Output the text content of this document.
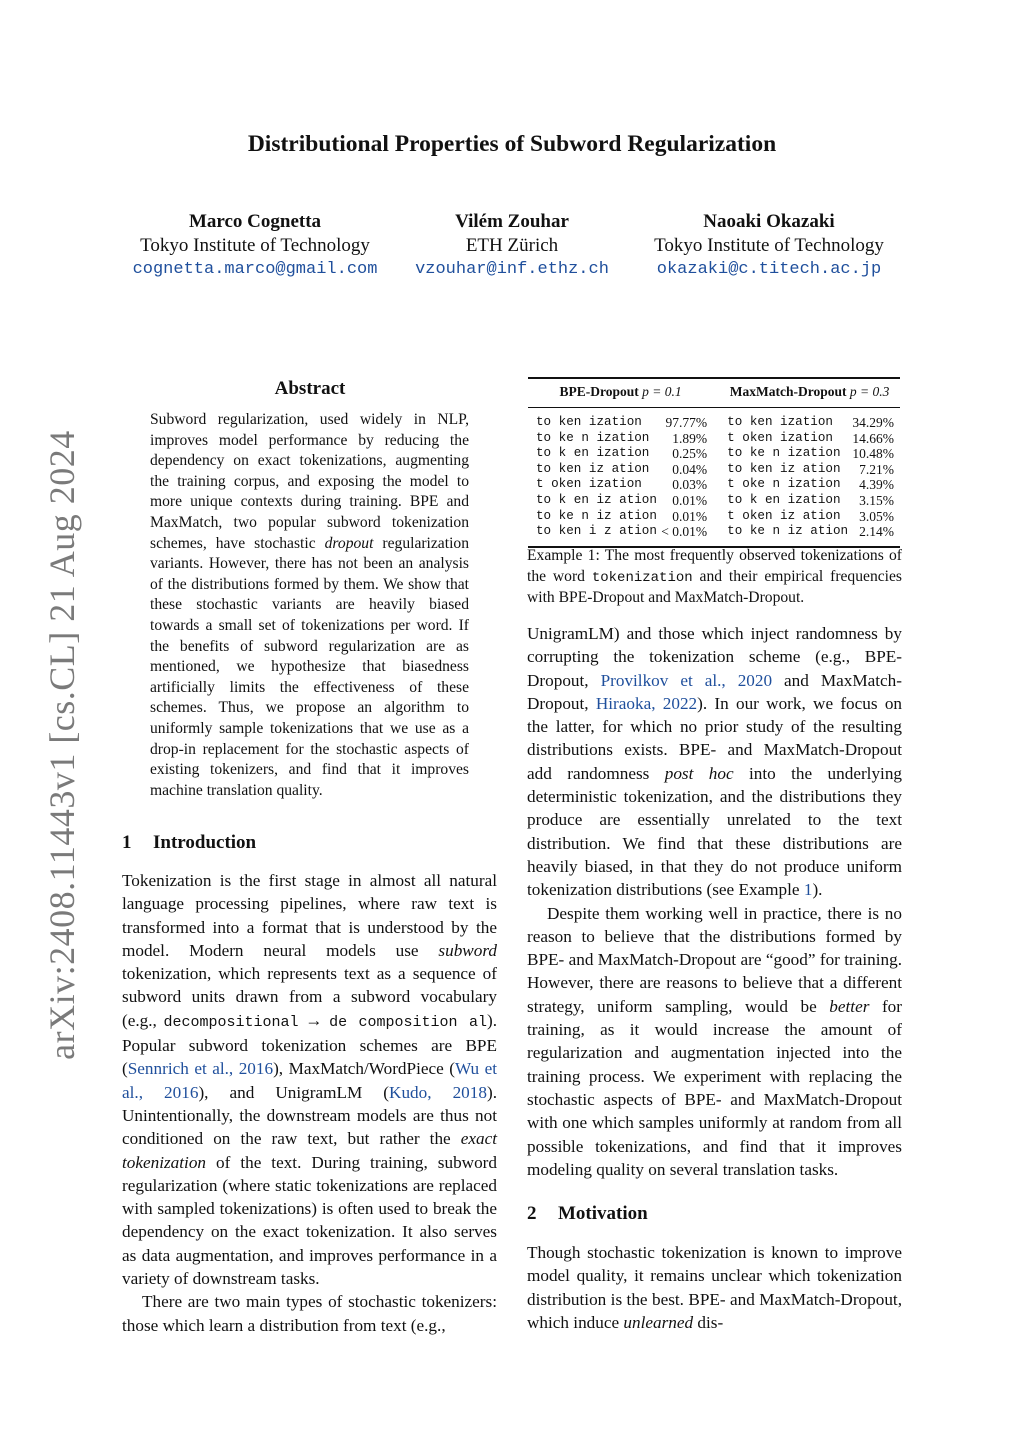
arXiv:2408.11443v1 [cs.CL] 21 Aug 2024
Distributional Properties of Subword Regularization
Marco Cognetta
Tokyo Institute of Technology
cognetta.marco@gmail.com
Vilém Zouhar
ETH Zürich
vzouhar@inf.ethz.ch
Naoaki Okazaki
Tokyo Institute of Technology
okazaki@c.titech.ac.jp
Abstract

Subword regularization, used widely in NLP, improves model performance by reducing the dependency on exact tokenizations, augmenting the training corpus, and exposing the model to more unique contexts during training. BPE and MaxMatch, two popular subword tokenization schemes, have stochastic dropout regularization variants. However, there has not been an analysis of the distributions formed by them. We show that these stochastic variants are heavily biased towards a small set of tokenizations per word. If the benefits of subword regularization are as mentioned, we hypothesize that biasedness artificially limits the effectiveness of these schemes. Thus, we propose an algorithm to uniformly sample tokenizations that we use as a drop-in replacement for the stochastic aspects of existing tokenizers, and find that it improves machine translation quality.

1 Introduction

Tokenization is the first stage in almost all natural language processing pipelines, where raw text is transformed into a format that is understood by the model. Modern neural models use subword tokenization, which represents text as a sequence of subword units drawn from a subword vocabulary (e.g., decompositional → de composition al). Popular subword tokenization schemes are BPE (Sennrich et al., 2016), MaxMatch/WordPiece (Wu et al., 2016), and UnigramLM (Kudo, 2018). Unintentionally, the downstream models are thus not conditioned on the raw text, but rather the exact tokenization of the text. During training, subword regularization (where static tokenizations are replaced with sampled tokenizations) is often used to break the dependency on the exact tokenization. It also serves as data augmentation, and improves performance in a variety of downstream tasks.

There are two main types of stochastic tokenizers: those which learn a distribution from text (e.g.,

BPE-Dropout p = 0.1			MaxMatch-Dropout p = 0.3	
to ken ization	97.77%		to ken ization	34.29%
to ke n ization	1.89%		t oken ization	14.66%
to k en ization	0.25%		to ke n ization	10.48%
to ken iz ation	0.04%		to ken iz ation	7.21%
t oken ization	0.03%		t oke n ization	4.39%
to k en iz ation	0.01%		to k en ization	3.15%
to ke n iz ation	0.01%		t oken iz ation	3.05%
to ken i z ation	< 0.01%		to ke n iz ation	2.14%

Example 1: The most frequently observed tokenizations of the word tokenization and their empirical frequencies with BPE-Dropout and MaxMatch-Dropout.

UnigramLM) and those which inject randomness by corrupting the tokenization scheme (e.g., BPE-Dropout, Provilkov et al., 2020 and MaxMatch-Dropout, Hiraoka, 2022). In our work, we focus on the latter, for which no prior study of the resulting distributions exists. BPE- and MaxMatch-Dropout add randomness post hoc into the underlying deterministic tokenization, and the distributions they produce are essentially unrelated to the text distribution. We find that these distributions are heavily biased, in that they do not produce uniform tokenization distributions (see Example 1).

Despite them working well in practice, there is no reason to believe that the distributions formed by BPE- and MaxMatch-Dropout are “good” for training. However, there are reasons to believe that a different strategy, uniform sampling, would be better for training, as it would increase the amount of regularization and augmentation injected into the training process. We experiment with replacing the stochastic aspects of BPE- and MaxMatch-Dropout with one which samples uniformly at random from all possible tokenizations, and find that it improves modeling quality on several translation tasks.

2 Motivation

Though stochastic tokenization is known to improve model quality, it remains unclear which tokenization distribution is the best. BPE- and MaxMatch-Dropout, which induce unlearned dis-
